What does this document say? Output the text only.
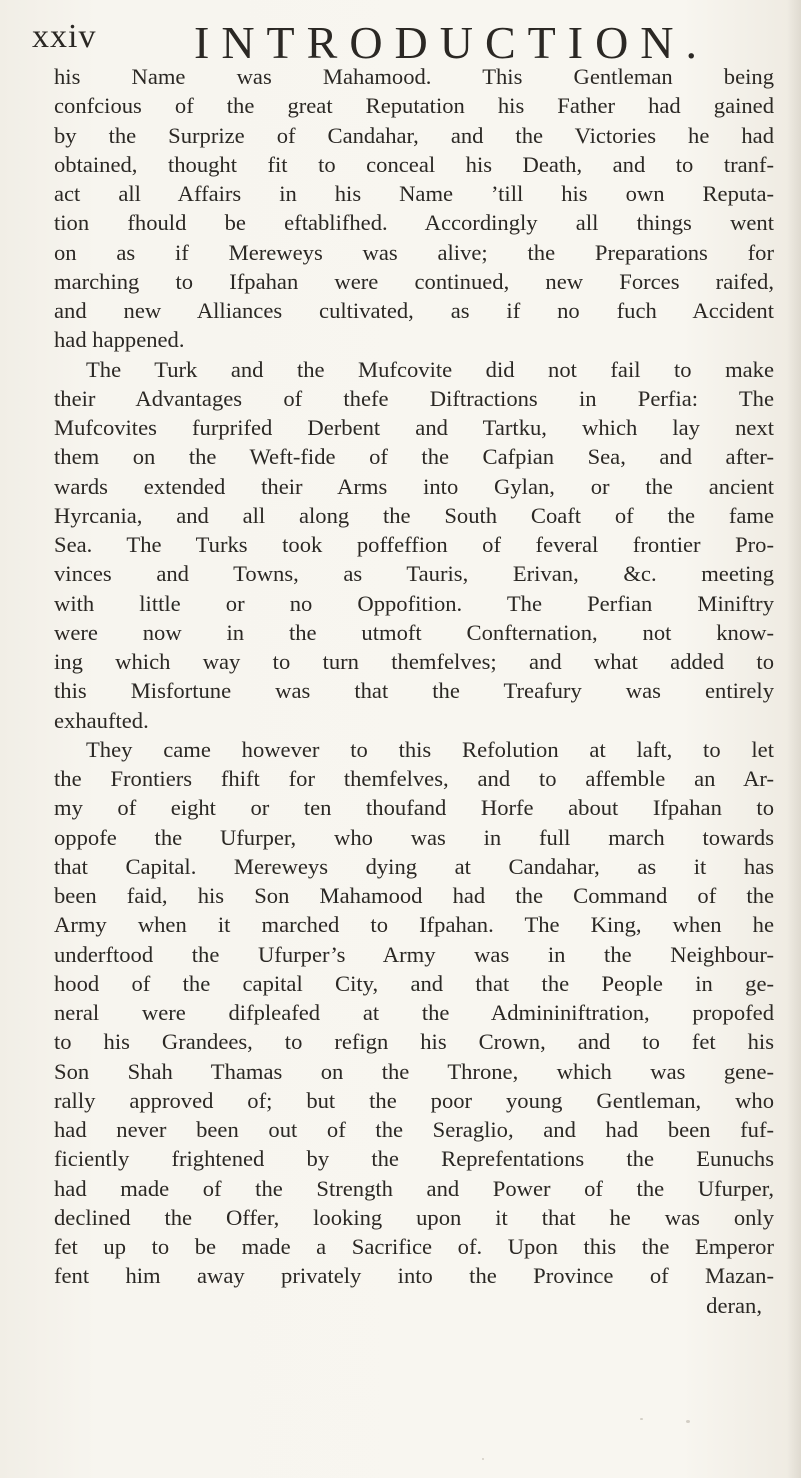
xxiv INTRODUCTION.
his Name was Mahamood. This Gentleman being
confcious of the great Reputation his Father had gained
by the Surprize of Candahar, and the Victories he had
obtained, thought fit to conceal his Death, and to tranf-
act all Affairs in his Name ’till his own Reputa-
tion fhould be eftablifhed. Accordingly all things went
on as if Mereweys was alive; the Preparations for
marching to Ifpahan were continued, new Forces raifed,
and new Alliances cultivated, as if no fuch Accident
had happened.
The Turk and the Mufcovite did not fail to make
their Advantages of thefe Diftractions in Perfia: The
Mufcovites furprifed Derbent and Tartku, which lay next
them on the Weft-fide of the Cafpian Sea, and after-
wards extended their Arms into Gylan, or the ancient
Hyrcania, and all along the South Coaft of the fame
Sea. The Turks took poffeffion of feveral frontier Pro-
vinces and Towns, as Tauris, Erivan, &c. meeting
with little or no Oppofition. The Perfian Miniftry
were now in the utmoft Confternation, not know-
ing which way to turn themfelves; and what added to
this Misfortune was that the Treafury was entirely
exhaufted.
They came however to this Refolution at laft, to let
the Frontiers fhift for themfelves, and to affemble an Ar-
my of eight or ten thoufand Horfe about Ifpahan to
oppofe the Ufurper, who was in full march towards
that Capital. Mereweys dying at Candahar, as it has
been faid, his Son Mahamood had the Command of the
Army when it marched to Ifpahan. The King, when he
underftood the Ufurper’s Army was in the Neighbour-
hood of the capital City, and that the People in ge-
neral were difpleafed at the Admininiftration, propofed
to his Grandees, to refign his Crown, and to fet his
Son Shah Thamas on the Throne, which was gene-
rally approved of; but the poor young Gentleman, who
had never been out of the Seraglio, and had been fuf-
ficiently frightened by the Reprefentations the Eunuchs
had made of the Strength and Power of the Ufurper,
declined the Offer, looking upon it that he was only
fet up to be made a Sacrifice of. Upon this the Emperor
fent him away privately into the Province of Mazan-
deran,
